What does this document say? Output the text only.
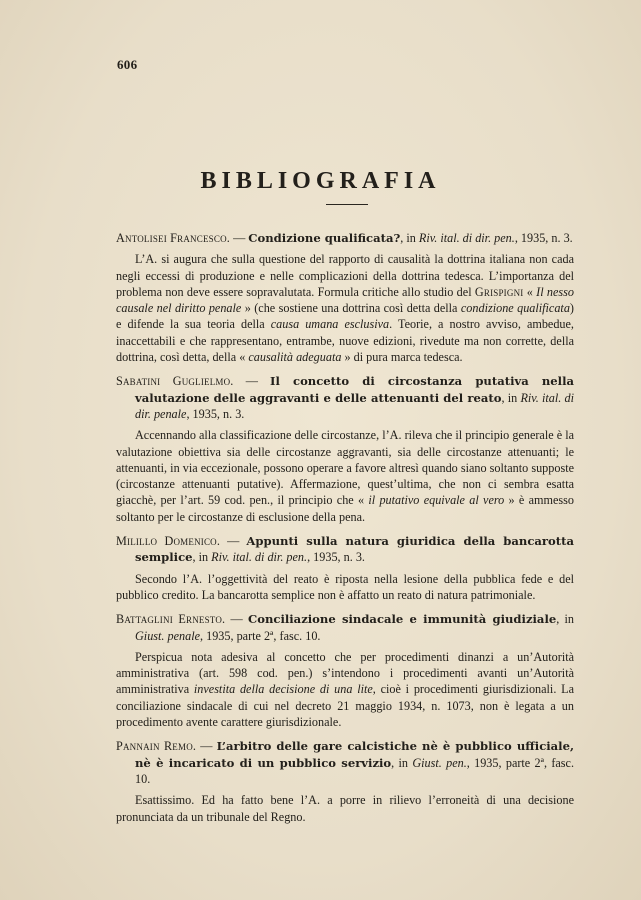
606
BIBLIOGRAFIA

Antolisei Francesco. — Condizione qualificata?, in Riv. ital. di dir. pen., 1935, n. 3.

L’A. si augura che sulla questione del rapporto di causalità la dottrina italiana non cada negli eccessi di produzione e nelle complicazioni della dottrina tedesca. L’importanza del problema non deve essere sopravalutata. Formula critiche allo studio del Grispigni « Il nesso causale nel diritto penale » (che sostiene una dottrina così detta della condizione qualificata) e difende la sua teoria della causa umana esclusiva. Teorie, a nostro avviso, ambedue, inaccettabili e che rappresentano, entrambe, nuove edizioni, rivedute ma non corrette, della dottrina, così detta, della « causalità adeguata » di pura marca tedesca.

Sabatini Guglielmo. — Il concetto di circostanza putativa nella valutazione delle aggravanti e delle attenuanti del reato, in Riv. ital. di dir. penale, 1935, n. 3.

Accennando alla classificazione delle circostanze, l’A. rileva che il principio generale è la valutazione obiettiva sia delle circostanze aggravanti, sia delle circostanze attenuanti; le attenuanti, in via eccezionale, possono operare a favore altresì quando siano soltanto supposte (circostanze attenuanti putative). Affermazione, quest’ultima, che non ci sembra esatta giacchè, per l’art. 59 cod. pen., il principio che « il putativo equivale al vero » è ammesso soltanto per le circostanze di esclusione della pena.

Milillo Domenico. — Appunti sulla natura giuridica della bancarotta semplice, in Riv. ital. di dir. pen., 1935, n. 3.

Secondo l’A. l’oggettività del reato è riposta nella lesione della pubblica fede e del pubblico credito. La bancarotta semplice non è affatto un reato di natura patrimoniale.

Battaglini Ernesto. — Conciliazione sindacale e immunità giudiziale, in Giust. penale, 1935, parte 2ª, fasc. 10.

Perspicua nota adesiva al concetto che per procedimenti dinanzi a un’Autorità amministrativa (art. 598 cod. pen.) s’intendono i procedimenti avanti un’Autorità amministrativa investita della decisione di una lite, cioè i procedimenti giurisdizionali. La conciliazione sindacale di cui nel decreto 21 maggio 1934, n. 1073, non è legata a un procedimento avente carattere giurisdizionale.

Pannain Remo. — L’arbitro delle gare calcistiche nè è pubblico ufficiale, nè è incaricato di un pubblico servizio, in Giust. pen., 1935, parte 2ª, fasc. 10.

Esattissimo. Ed ha fatto bene l’A. a porre in rilievo l’erroneità di una decisione pronunciata da un tribunale del Regno.
